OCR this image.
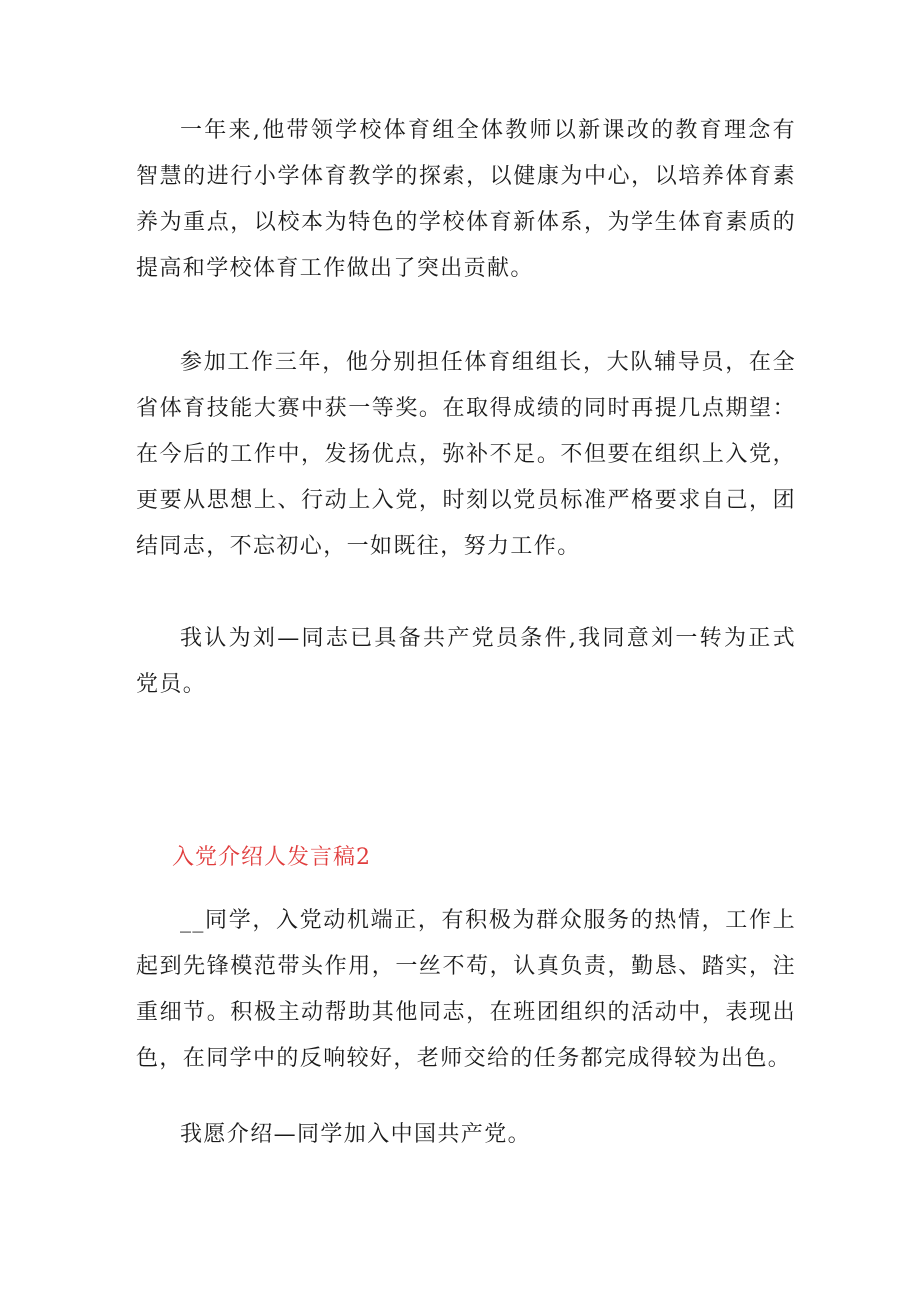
一年来,他带领学校体育组全体教师以新课改的教育理念有智慧的进行小学体育教学的探索，以健康为中心，以培养体育素养为重点，以校本为特色的学校体育新体系，为学生体育素质的提高和学校体育工作做出了突出贡献。

参加工作三年，他分别担任体育组组长，大队辅导员，在全省体育技能大赛中获一等奖。在取得成绩的同时再提几点期望：在今后的工作中，发扬优点，弥补不足。不但要在组织上入党，更要从思想上、行动上入党，时刻以党员标准严格要求自己，团结同志，不忘初心，一如既往，努力工作。

我认为刘—同志已具备共产党员条件,我同意刘一转为正式党员。

入党介绍人发言稿2

__同学，入党动机端正，有积极为群众服务的热情，工作上起到先锋模范带头作用，一丝不苟，认真负责，勤恳、踏实，注重细节。积极主动帮助其他同志，在班团组织的活动中，表现出色，在同学中的反响较好，老师交给的任务都完成得较为出色。

我愿介绍—同学加入中国共产党。
